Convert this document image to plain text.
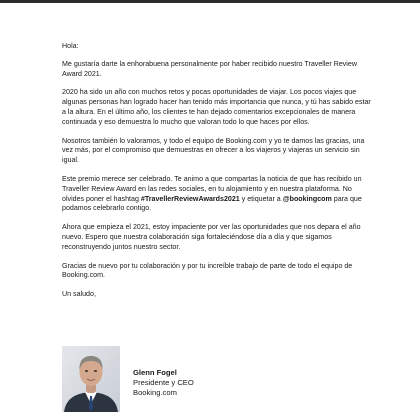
Hola:

Me gustaría darte la enhorabuena personalmente por haber recibido nuestro Traveller Review Award 2021.

2020 ha sido un año con muchos retos y pocas oportunidades de viajar. Los pocos viajes que algunas personas han logrado hacer han tenido más importancia que nunca, y tú has sabido estar a la altura. En el último año, los clientes te han dejado comentarios excepcionales de manera continuada y eso demuestra lo mucho que valoran todo lo que haces por ellos.

Nosotros también lo valoramos, y todo el equipo de Booking.com y yo te damos las gracias, una vez más, por el compromiso que demuestras en ofrecer a los viajeros y viajeras un servicio sin igual.

Este premio merece ser celebrado. Te animo a que compartas la noticia de que has recibido un Traveller Review Award en las redes sociales, en tu alojamiento y en nuestra plataforma. No olvides poner el hashtag #TravellerReviewAwards2021 y etiquetar a @bookingcom para que podamos celebrarlo contigo.

Ahora que empieza el 2021, estoy impaciente por ver las oportunidades que nos depara el año nuevo. Espero que nuestra colaboración siga fortaleciéndose día a día y que sigamos reconstruyendo juntos nuestro sector.

Gracias de nuevo por tu colaboración y por tu increíble trabajo de parte de todo el equipo de Booking.com.

Un saludo,

Glenn Fogel
Presidente y CEO
Booking.com
